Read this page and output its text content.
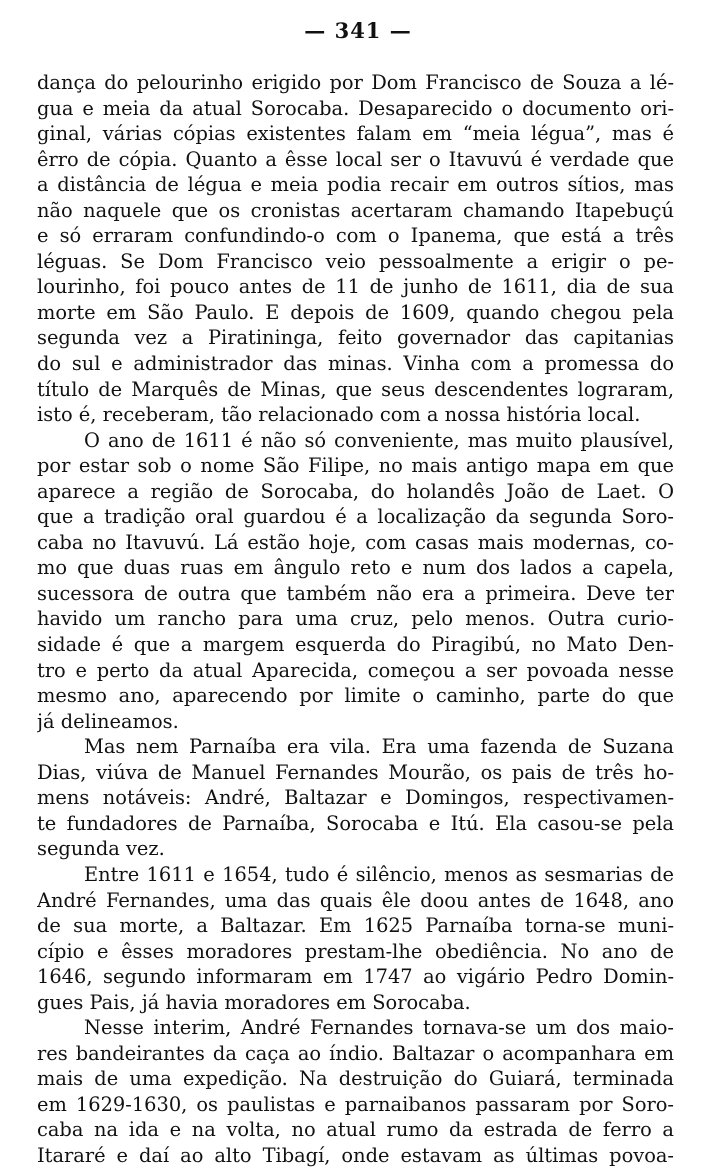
— 341 —
dança do pelourinho erigido por Dom Francisco de Souza a lé-
gua e meia da atual Sorocaba. Desaparecido o documento ori-
ginal, várias cópias existentes falam em “meia légua”, mas é
êrro de cópia. Quanto a êsse local ser o Itavuvú é verdade que
a distância de légua e meia podia recair em outros sítios, mas
não naquele que os cronistas acertaram chamando Itapebuçú
e só erraram confundindo-o com o Ipanema, que está a três
léguas. Se Dom Francisco veio pessoalmente a erigir o pe-
lourinho, foi pouco antes de 11 de junho de 1611, dia de sua
morte em São Paulo. E depois de 1609, quando chegou pela
segunda vez a Piratininga, feito governador das capitanias
do sul e administrador das minas. Vinha com a promessa do
título de Marquês de Minas, que seus descendentes lograram,
isto é, receberam, tão relacionado com a nossa história local.
O ano de 1611 é não só conveniente, mas muito plausível,
por estar sob o nome São Filipe, no mais antigo mapa em que
aparece a região de Sorocaba, do holandês João de Laet. O
que a tradição oral guardou é a localização da segunda Soro-
caba no Itavuvú. Lá estão hoje, com casas mais modernas, co-
mo que duas ruas em ângulo reto e num dos lados a capela,
sucessora de outra que também não era a primeira. Deve ter
havido um rancho para uma cruz, pelo menos. Outra curio-
sidade é que a margem esquerda do Piragibú, no Mato Den-
tro e perto da atual Aparecida, começou a ser povoada nesse
mesmo ano, aparecendo por limite o caminho, parte do que
já delineamos.
Mas nem Parnaíba era vila. Era uma fazenda de Suzana
Dias, viúva de Manuel Fernandes Mourão, os pais de três ho-
mens notáveis: André, Baltazar e Domingos, respectivamen-
te fundadores de Parnaíba, Sorocaba e Itú. Ela casou-se pela
segunda vez.
Entre 1611 e 1654, tudo é silêncio, menos as sesmarias de
André Fernandes, uma das quais êle doou antes de 1648, ano
de sua morte, a Baltazar. Em 1625 Parnaíba torna-se muni-
cípio e êsses moradores prestam-lhe obediência. No ano de
1646, segundo informaram em 1747 ao vigário Pedro Domin-
gues Pais, já havia moradores em Sorocaba.
Nesse interim, André Fernandes tornava-se um dos maio-
res bandeirantes da caça ao índio. Baltazar o acompanhara em
mais de uma expedição. Na destruição do Guiará, terminada
em 1629-1630, os paulistas e parnaibanos passaram por Soro-
caba na ida e na volta, no atual rumo da estrada de ferro a
Itararé e daí ao alto Tibagí, onde estavam as últimas povoa-
